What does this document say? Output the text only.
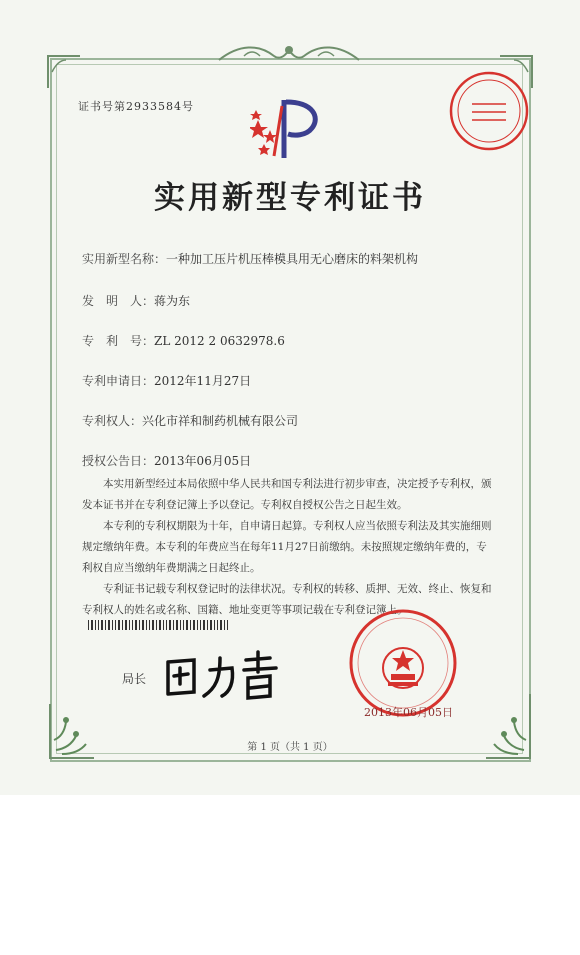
证书号第2933584号
实用新型专利证书
实用新型名称：一种加工压片机压棒模具用无心磨床的料架机构
发　明　人：蒋为东
专　利　号：ZL 2012 2 0632978.6
专利申请日：2012年11月27日
专利权人：兴化市祥和制药机械有限公司
授权公告日：2013年06月05日

本实用新型经过本局依照中华人民共和国专利法进行初步审查，决定授予专利权，颁发本证书并在专利登记簿上予以登记。专利权自授权公告之日起生效。

本专利的专利权期限为十年，自申请日起算。专利权人应当依照专利法及其实施细则规定缴纳年费。本专利的年费应当在每年11月27日前缴纳。未按照规定缴纳年费的，专利权自应当缴纳年费期满之日起终止。

专利证书记载专利权登记时的法律状况。专利权的转移、质押、无效、终止、恢复和专利权人的姓名或名称、国籍、地址变更等事项记载在专利登记簿上。

局长
2013年06月05日
第 1 页（共 1 页）
